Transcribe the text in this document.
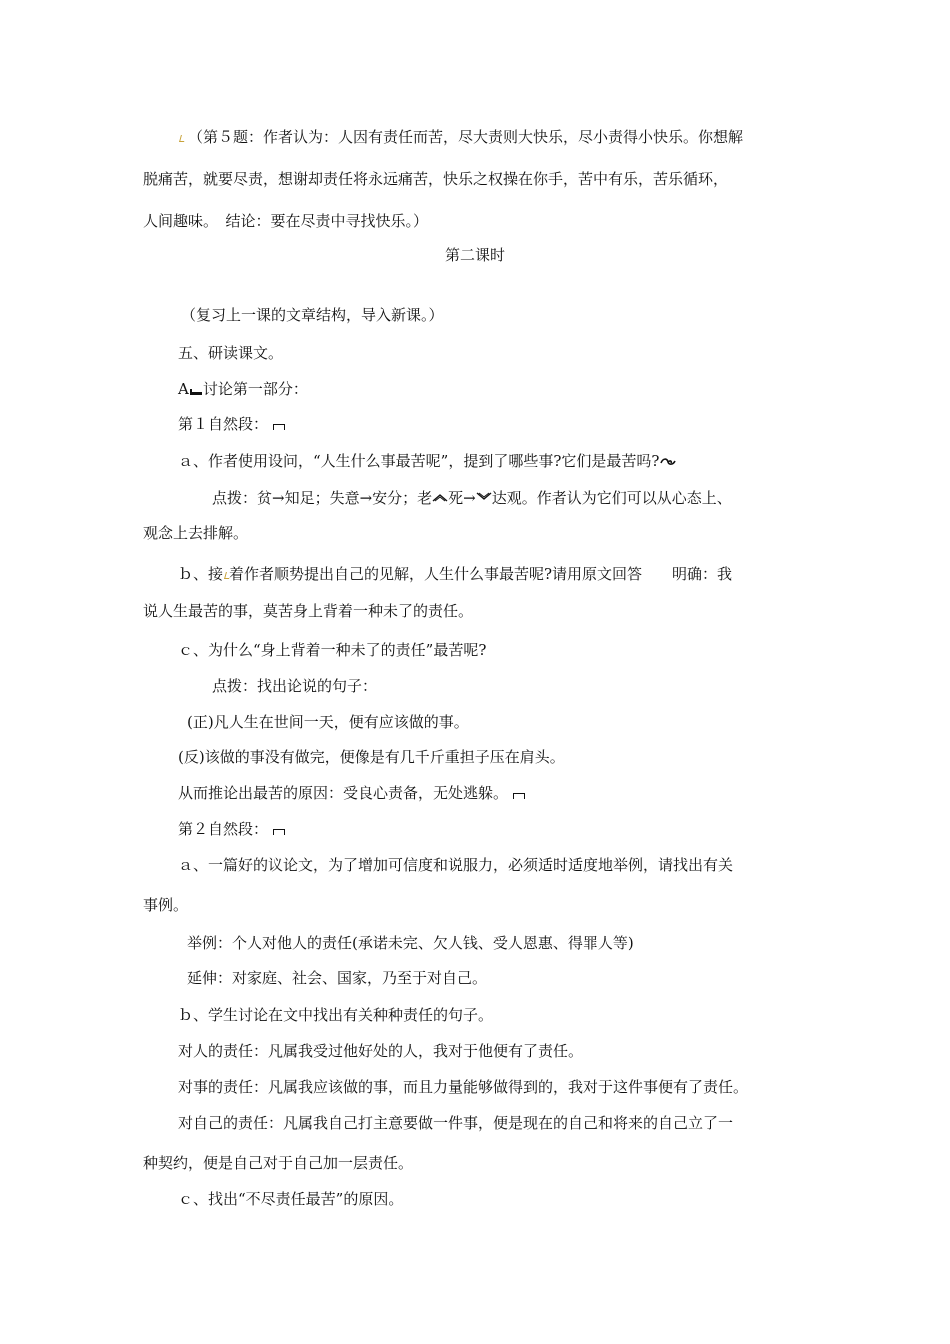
（第５题：作者认为：人因有责任而苦，尽大责则大快乐，尽小责得小快乐。你想解
脱痛苦，就要尽责，想谢却责任将永远痛苦，快乐之权操在你手，苦中有乐，苦乐循环，
人间趣味。　结论：要在尽责中寻找快乐。）
第二课时
（复习上一课的文章结构，导入新课。）
五、研读课文。
A 讨论第一部分：
第１自然段：
ａ、作者使用设问，“人生什么事最苦呢”，提到了哪些事?它们是最苦吗?
点拨：贫→知足；失意→安分；老 死→ 达观。作者认为它们可以从心态上、
观念上去排解。
ｂ、接 着作者顺势提出自己的见解，人生什么事最苦呢?请用原文回答　　明确：我
说人生最苦的事，莫苦身上背着一种未了的责任。
ｃ、为什么“身上背着一种未了的责任”最苦呢?
点拨：找出论说的句子：
(正)凡人生在世间一天，便有应该做的事。
(反)该做的事没有做完，便像是有几千斤重担子压在肩头。
从而推论出最苦的原因：受良心责备，无处逃躲。
第２自然段：
ａ、一篇好的议论文，为了增加可信度和说服力，必须适时适度地举例，请找出有关
事例。
举例：个人对他人的责任(承诺未完、欠人钱、受人恩惠、得罪人等)
延伸：对家庭、社会、国家，乃至于对自己。
ｂ、学生讨论在文中找出有关种种责任的句子。
对人的责任：凡属我受过他好处的人，我对于他便有了责任。
对事的责任：凡属我应该做的事，而且力量能够做得到的，我对于这件事便有了责任。
对自己的责任：凡属我自己打主意要做一件事，便是现在的自己和将来的自己立了一
种契约，便是自己对于自己加一层责任。
ｃ、找出“不尽责任最苦”的原因。
